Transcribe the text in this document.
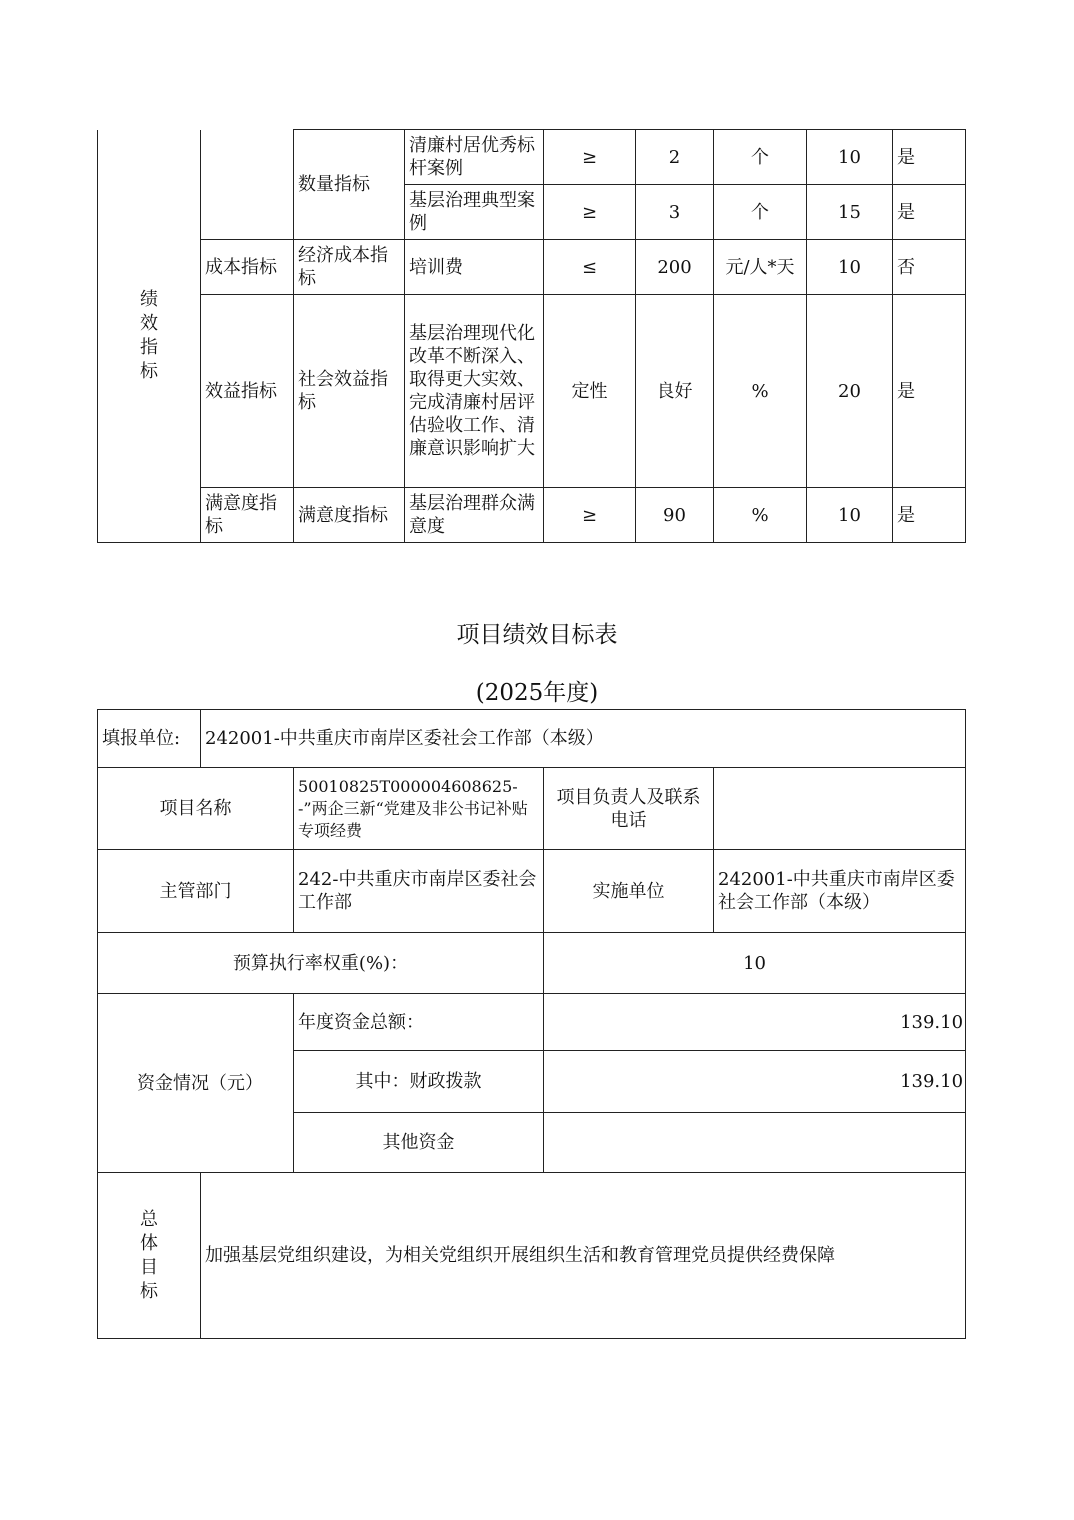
绩
效
指
标		数量指标	清廉村居优秀标杆案例	≥	2	个	10	是
			基层治理典型案例	≥	3	个	15	是
	成本指标	经济成本指标	培训费	≤	200	元/人*天	10	否
	效益指标	社会效益指标	基层治理现代化改革不断深入、取得更大实效、完成清廉村居评估验收工作、清廉意识影响扩大	定性	良好	%	20	是
	满意度指标	满意度指标	基层治理群众满意度	≥	90	%	10	是
项目绩效目标表
(2025年度)
填报单位:	242001-中共重庆市南岸区委社会工作部（本级）			
项目名称		50010825T000004608625--”两企三新“党建及非公书记补贴专项经费	项目负责人及联系电话	
主管部门		242-中共重庆市南岸区委社会工作部	实施单位	242001-中共重庆市南岸区委社会工作部（本级）
预算执行率权重(%)：			10	

资金情况（元）		年度资金总额：	139.10	
		其中：财政拨款	139.10	
		其他资金		

总
体
目
标	加强基层党组织建设，为相关党组织开展组织生活和教育管理党员提供经费保障			
